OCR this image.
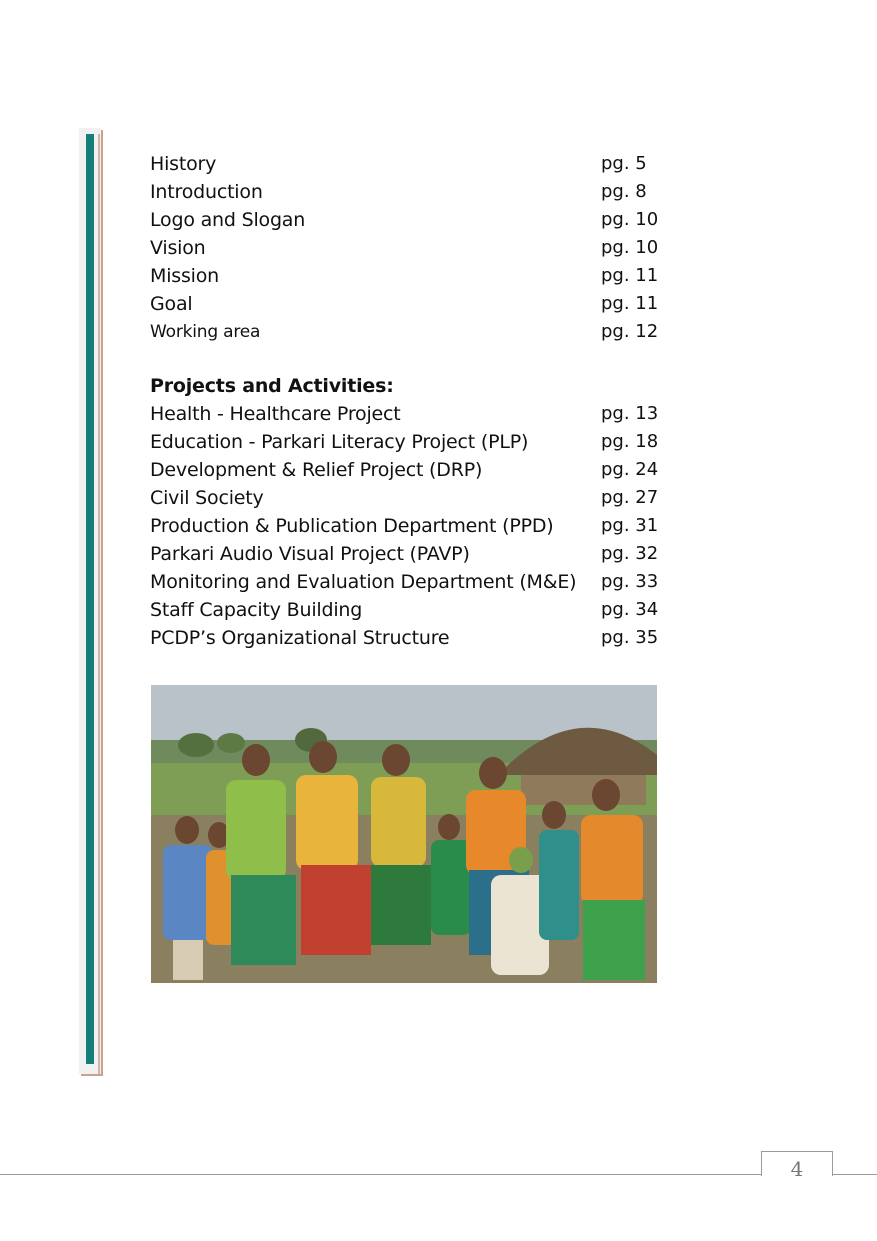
History	pg. 5
Introduction	pg. 8
Logo and Slogan	pg. 10
Vision	pg. 10
Mission	pg. 11
Goal	pg. 11
Working area	pg. 12
Projects and Activities:
Health - Healthcare Project	pg. 13
Education - Parkari Literacy Project (PLP)	pg. 18
Development & Relief Project (DRP)	pg. 24
Civil Society	pg. 27
Production & Publication Department (PPD)	pg. 31
Parkari Audio Visual Project (PAVP)	pg. 32
Monitoring and Evaluation Department (M&E) pg. 33
Staff Capacity Building	pg. 34
PCDP’s Organizational Structure	pg. 35
4
